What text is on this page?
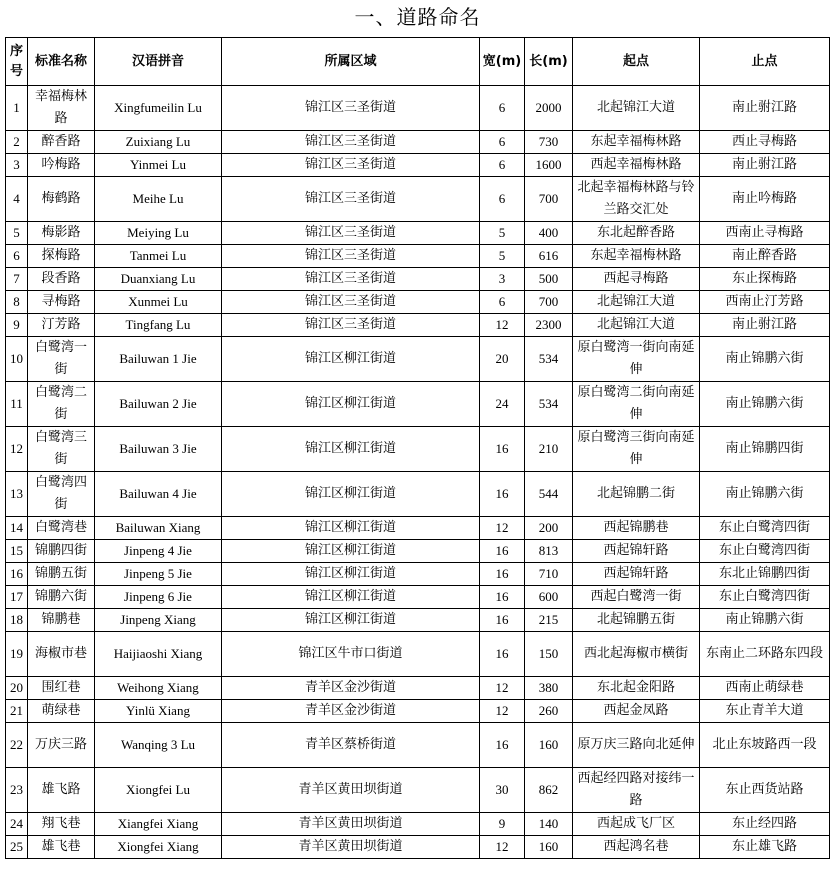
一、道路命名
序号	标准名称	汉语拼音	所属区域	宽(m)	长(m)	起点	止点
1	幸福梅林路	Xingfumeilin Lu	锦江区三圣街道	6	2000	北起锦江大道	南止驸江路
2	醉香路	Zuixiang Lu	锦江区三圣街道	6	730	东起幸福梅林路	西止寻梅路
3	吟梅路	Yinmei Lu	锦江区三圣街道	6	1600	西起幸福梅林路	南止驸江路
4	梅鹤路	Meihe Lu	锦江区三圣街道	6	700	北起幸福梅林路与铃兰路交汇处	南止吟梅路
5	梅影路	Meiying Lu	锦江区三圣街道	5	400	东北起醉香路	西南止寻梅路
6	探梅路	Tanmei Lu	锦江区三圣街道	5	616	东起幸福梅林路	南止醉香路
7	段香路	Duanxiang Lu	锦江区三圣街道	3	500	西起寻梅路	东止探梅路
8	寻梅路	Xunmei Lu	锦江区三圣街道	6	700	北起锦江大道	西南止汀芳路
9	汀芳路	Tingfang Lu	锦江区三圣街道	12	2300	北起锦江大道	南止驸江路
10	白鹭湾一街	Bailuwan 1 Jie	锦江区柳江街道	20	534	原白鹭湾一街向南延伸	南止锦鹏六街
11	白鹭湾二街	Bailuwan 2 Jie	锦江区柳江街道	24	534	原白鹭湾二街向南延伸	南止锦鹏六街
12	白鹭湾三街	Bailuwan 3 Jie	锦江区柳江街道	16	210	原白鹭湾三街向南延伸	南止锦鹏四街
13	白鹭湾四街	Bailuwan 4 Jie	锦江区柳江街道	16	544	北起锦鹏二街	南止锦鹏六街
14	白鹭湾巷	Bailuwan Xiang	锦江区柳江街道	12	200	西起锦鹏巷	东止白鹭湾四街
15	锦鹏四街	Jinpeng 4 Jie	锦江区柳江街道	16	813	西起锦轩路	东止白鹭湾四街
16	锦鹏五街	Jinpeng 5 Jie	锦江区柳江街道	16	710	西起锦轩路	东北止锦鹏四街
17	锦鹏六街	Jinpeng 6 Jie	锦江区柳江街道	16	600	西起白鹭湾一街	东止白鹭湾四街
18	锦鹏巷	Jinpeng Xiang	锦江区柳江街道	16	215	北起锦鹏五街	南止锦鹏六街
19	海椒市巷	Haijiaoshi Xiang	锦江区牛市口街道	16	150	西北起海椒市横街	东南止二环路东四段
20	围红巷	Weihong Xiang	青羊区金沙街道	12	380	东北起金阳路	西南止萌绿巷
21	萌绿巷	Yinlü Xiang	青羊区金沙街道	12	260	西起金凤路	东止青羊大道
22	万庆三路	Wanqing 3 Lu	青羊区蔡桥街道	16	160	原万庆三路向北延伸	北止东坡路西一段
23	雄飞路	Xiongfei Lu	青羊区黄田坝街道	30	862	西起经四路对接纬一路	东止西货站路
24	翔飞巷	Xiangfei Xiang	青羊区黄田坝街道	9	140	西起成飞厂区	东止经四路
25	雄飞巷	Xiongfei Xiang	青羊区黄田坝街道	12	160	西起鸿名巷	东止雄飞路
